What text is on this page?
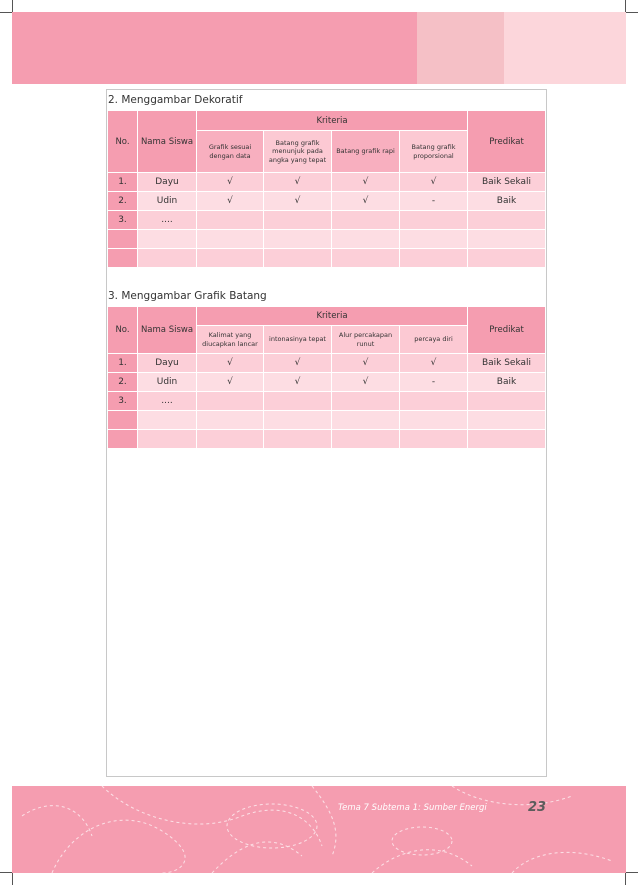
2. Menggambar Dekoratif
No.	Nama Siswa	Kriteria				Predikat
		Grafik sesuai dengan data	Batang grafik menunjuk pada angka yang tepat	Batang grafik rapi	Batang grafik proporsional	
1.	Dayu	√	√	√	√	Baik Sekali
2.	Udin	√	√	√	-	Baik
3.	....					

3. Menggambar Grafik Batang
No.	Nama Siswa	Kriteria				Predikat
		Kalimat yang diucapkan lancar	intonasinya tepat	Alur percakapan runut	percaya diri	
1.	Dayu	√	√	√	√	Baik Sekali
2.	Udin	√	√	√	-	Baik
3.	....					

Tema 7 Subtema 1: Sumber Energi	23
